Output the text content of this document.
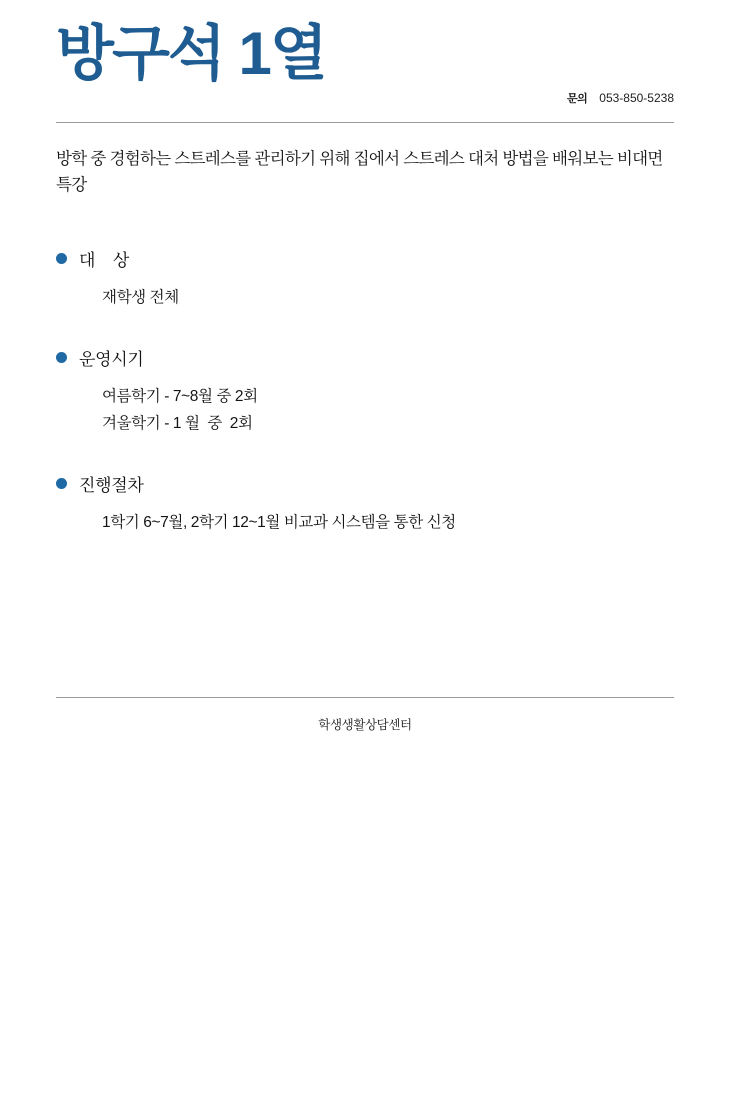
방구석 1열
문의 053-850-5238
방학 중 경험하는 스트레스를 관리하기 위해 집에서 스트레스 대처 방법을 배워보는 비대면 특강
대    상
재학생 전체
운영시기
여름학기 - 7~8월 중 2회
겨울학기 - 1 월  중  2회
진행절차
1학기 6~7월, 2학기 12~1월 비교과 시스템을 통한 신청
학생생활상담센터
